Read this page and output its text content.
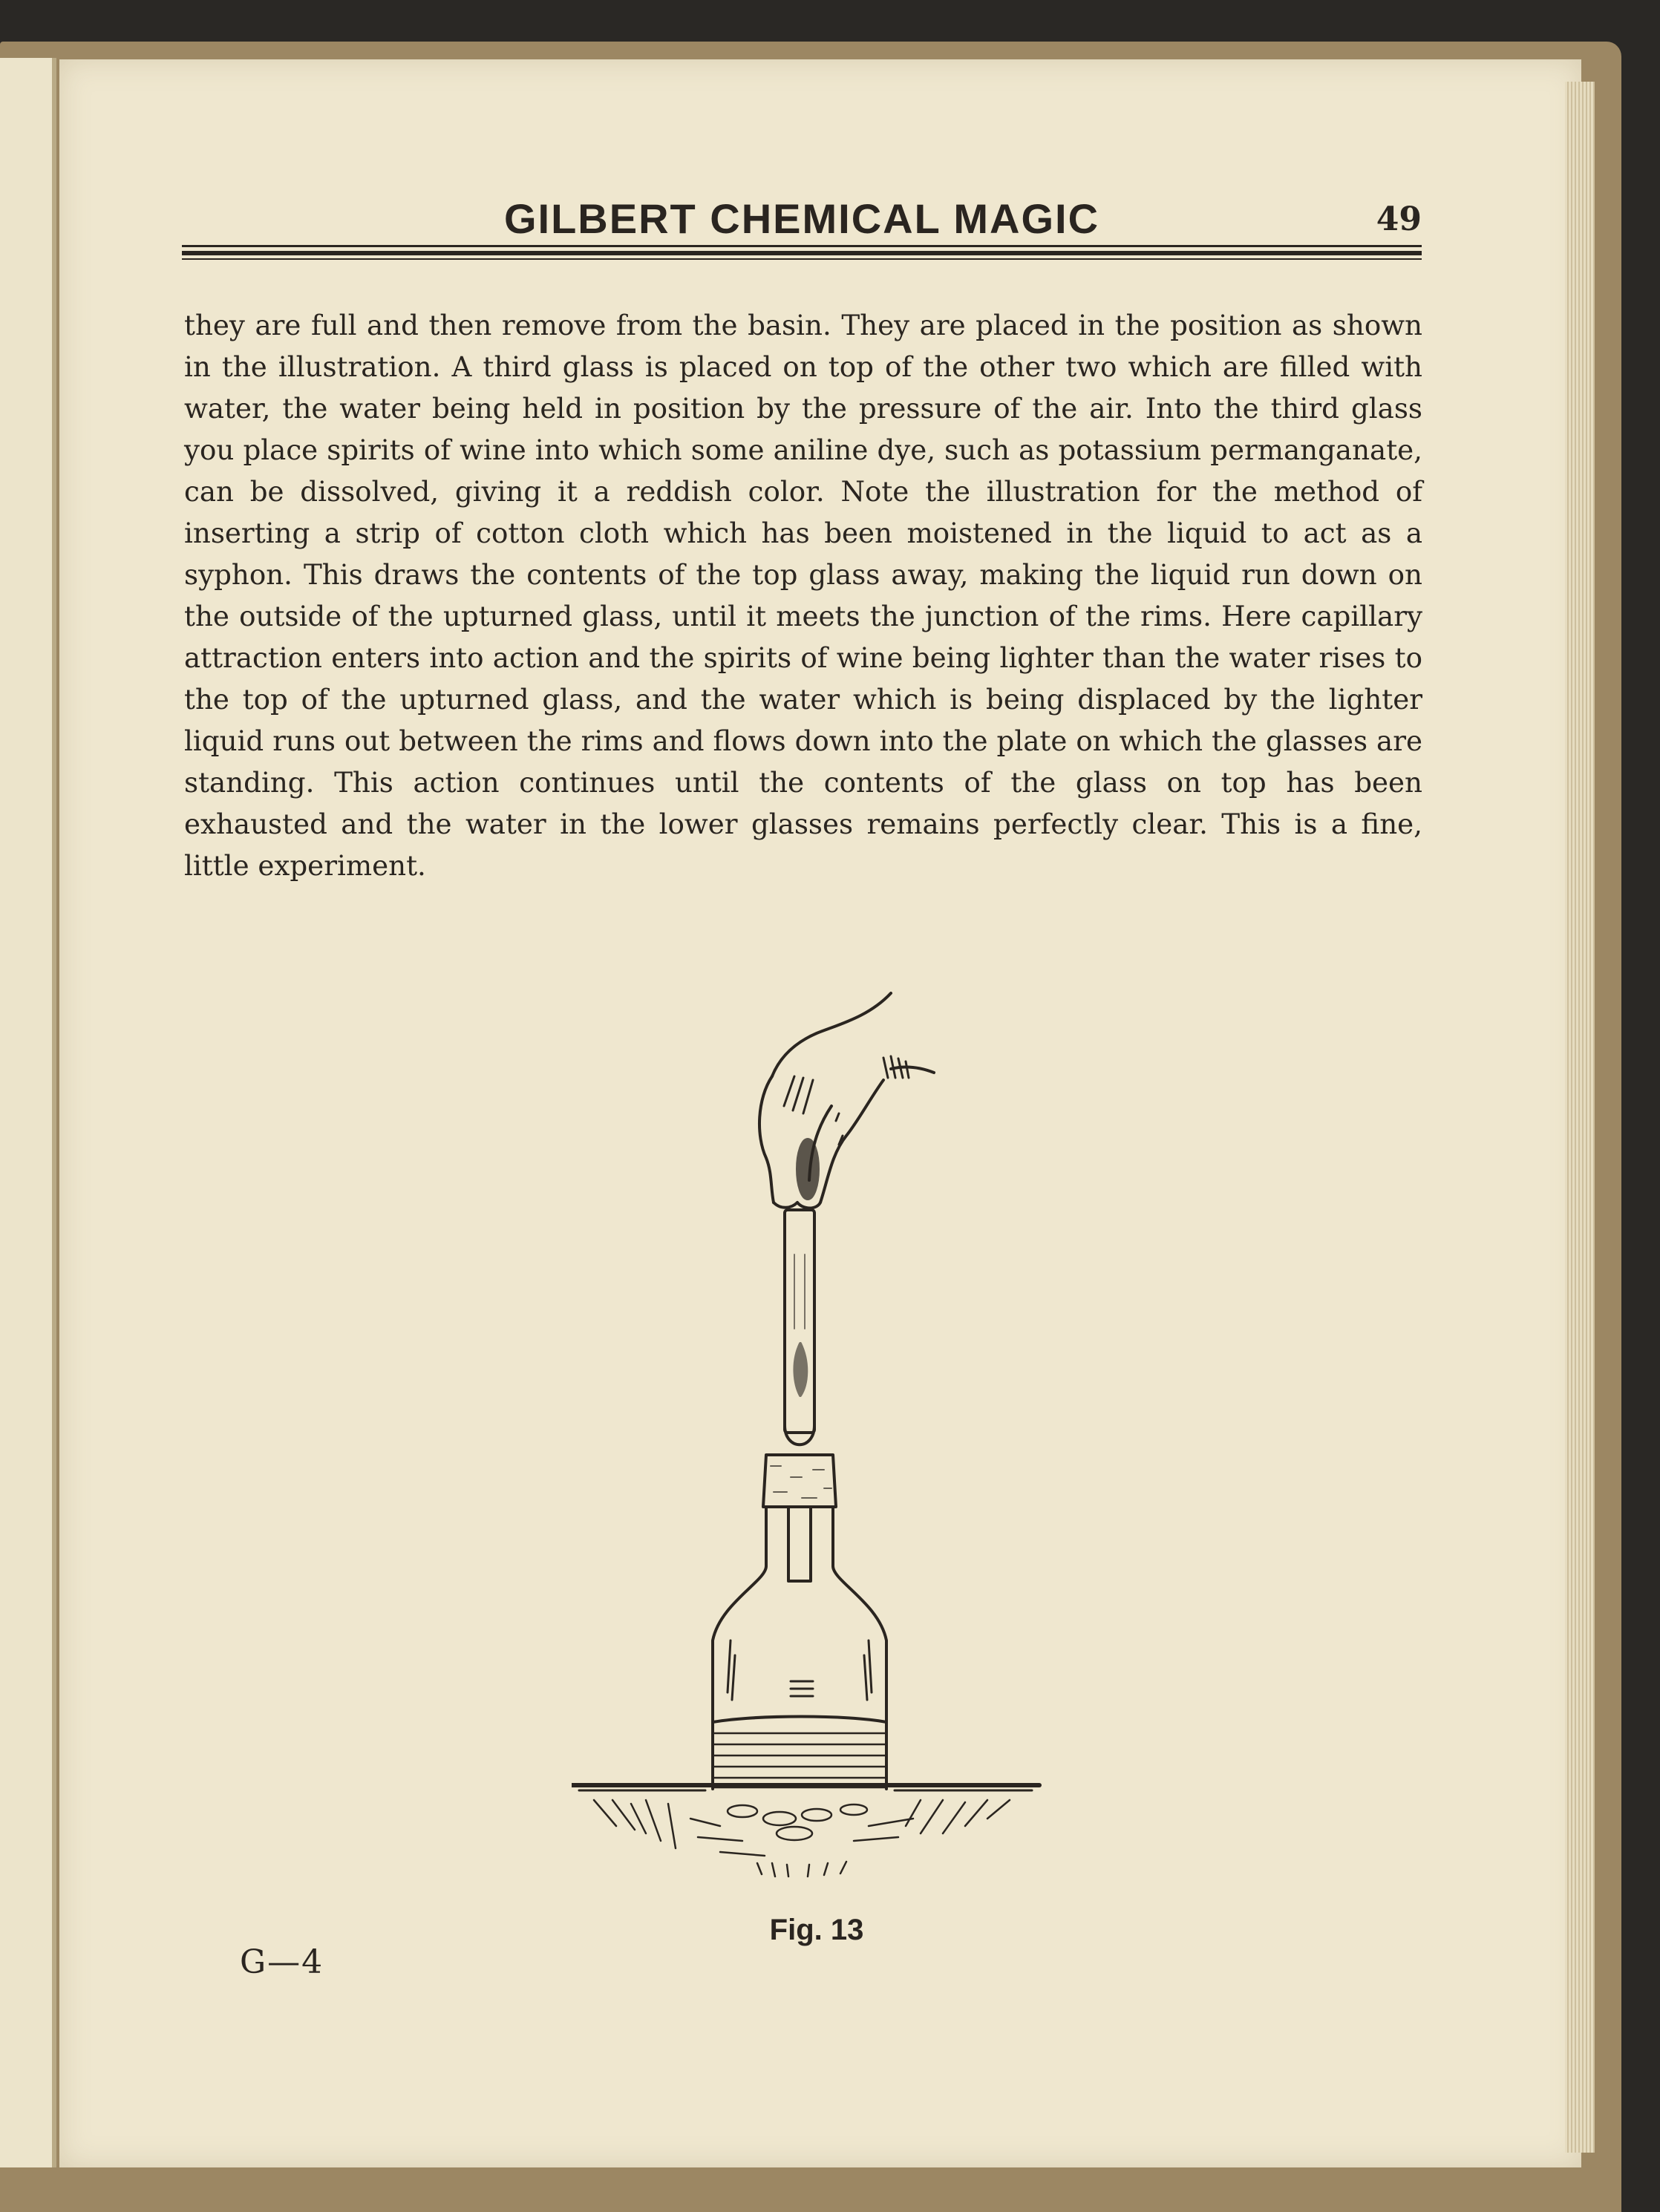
GILBERT CHEMICAL MAGIC	49

they are full and then remove from the basin. They are placed in the position as shown in the illustration. A third glass is placed on top of the other two which are filled with water, the water being held in position by the pressure of the air. Into the third glass you place spirits of wine into which some aniline dye, such as potassium permanganate, can be dissolved, giving it a reddish color. Note the illustration for the method of inserting a strip of cotton cloth which has been moistened in the liquid to act as a syphon. This draws the contents of the top glass away, making the liquid run down on the outside of the upturned glass, until it meets the junction of the rims. Here capillary attraction enters into action and the spirits of wine being lighter than the water rises to the top of the upturned glass, and the water which is being displaced by the lighter liquid runs out between the rims and flows down into the plate on which the glasses are standing. This action continues until the contents of the glass on top has been exhausted and the water in the lower glasses remains perfectly clear. This is a fine, little experiment.

Fig. 13
G—4
